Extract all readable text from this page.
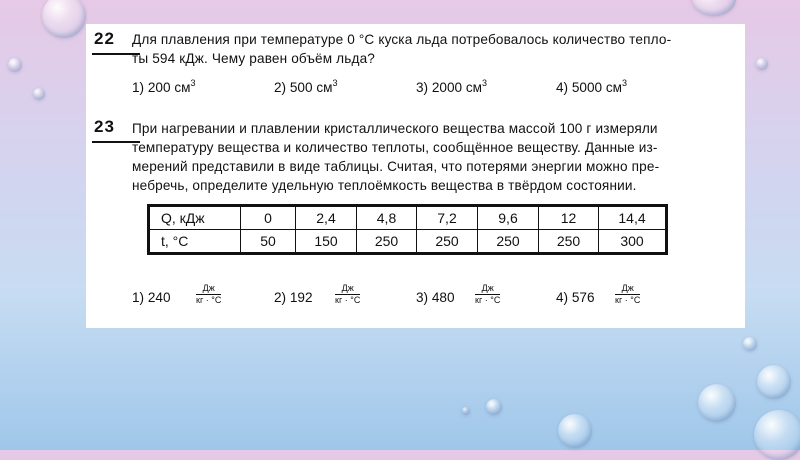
22 Для плавления при температуре 0 °C куска льда потребовалось количество тепло-
ты 594 кДж. Чему равен объём льда?
1) 200 $см^3$	2) 500 $см^3$	3) 2000 $см^3$	4) 5000 $см^3$
23 При нагревании и плавлении кристаллического вещества массой 100 г измеряли
температуру вещества и количество теплоты, сообщённое веществу. Данные из-
мерений представили в виде таблицы. Считая, что потерями энергии можно пре-
небречь, определите удельную теплоёмкость вещества в твёрдом состоянии.
Q, кДж	0	2,4	4,8	7,2	9,6	12	14,4
t, °C	50	150	250	250	250	250	300
1) 240
Дж
кг · °C	2) 192
Дж
кг · °C	3) 480
Дж
кг · °C	4) 576
Дж
кг · °C
